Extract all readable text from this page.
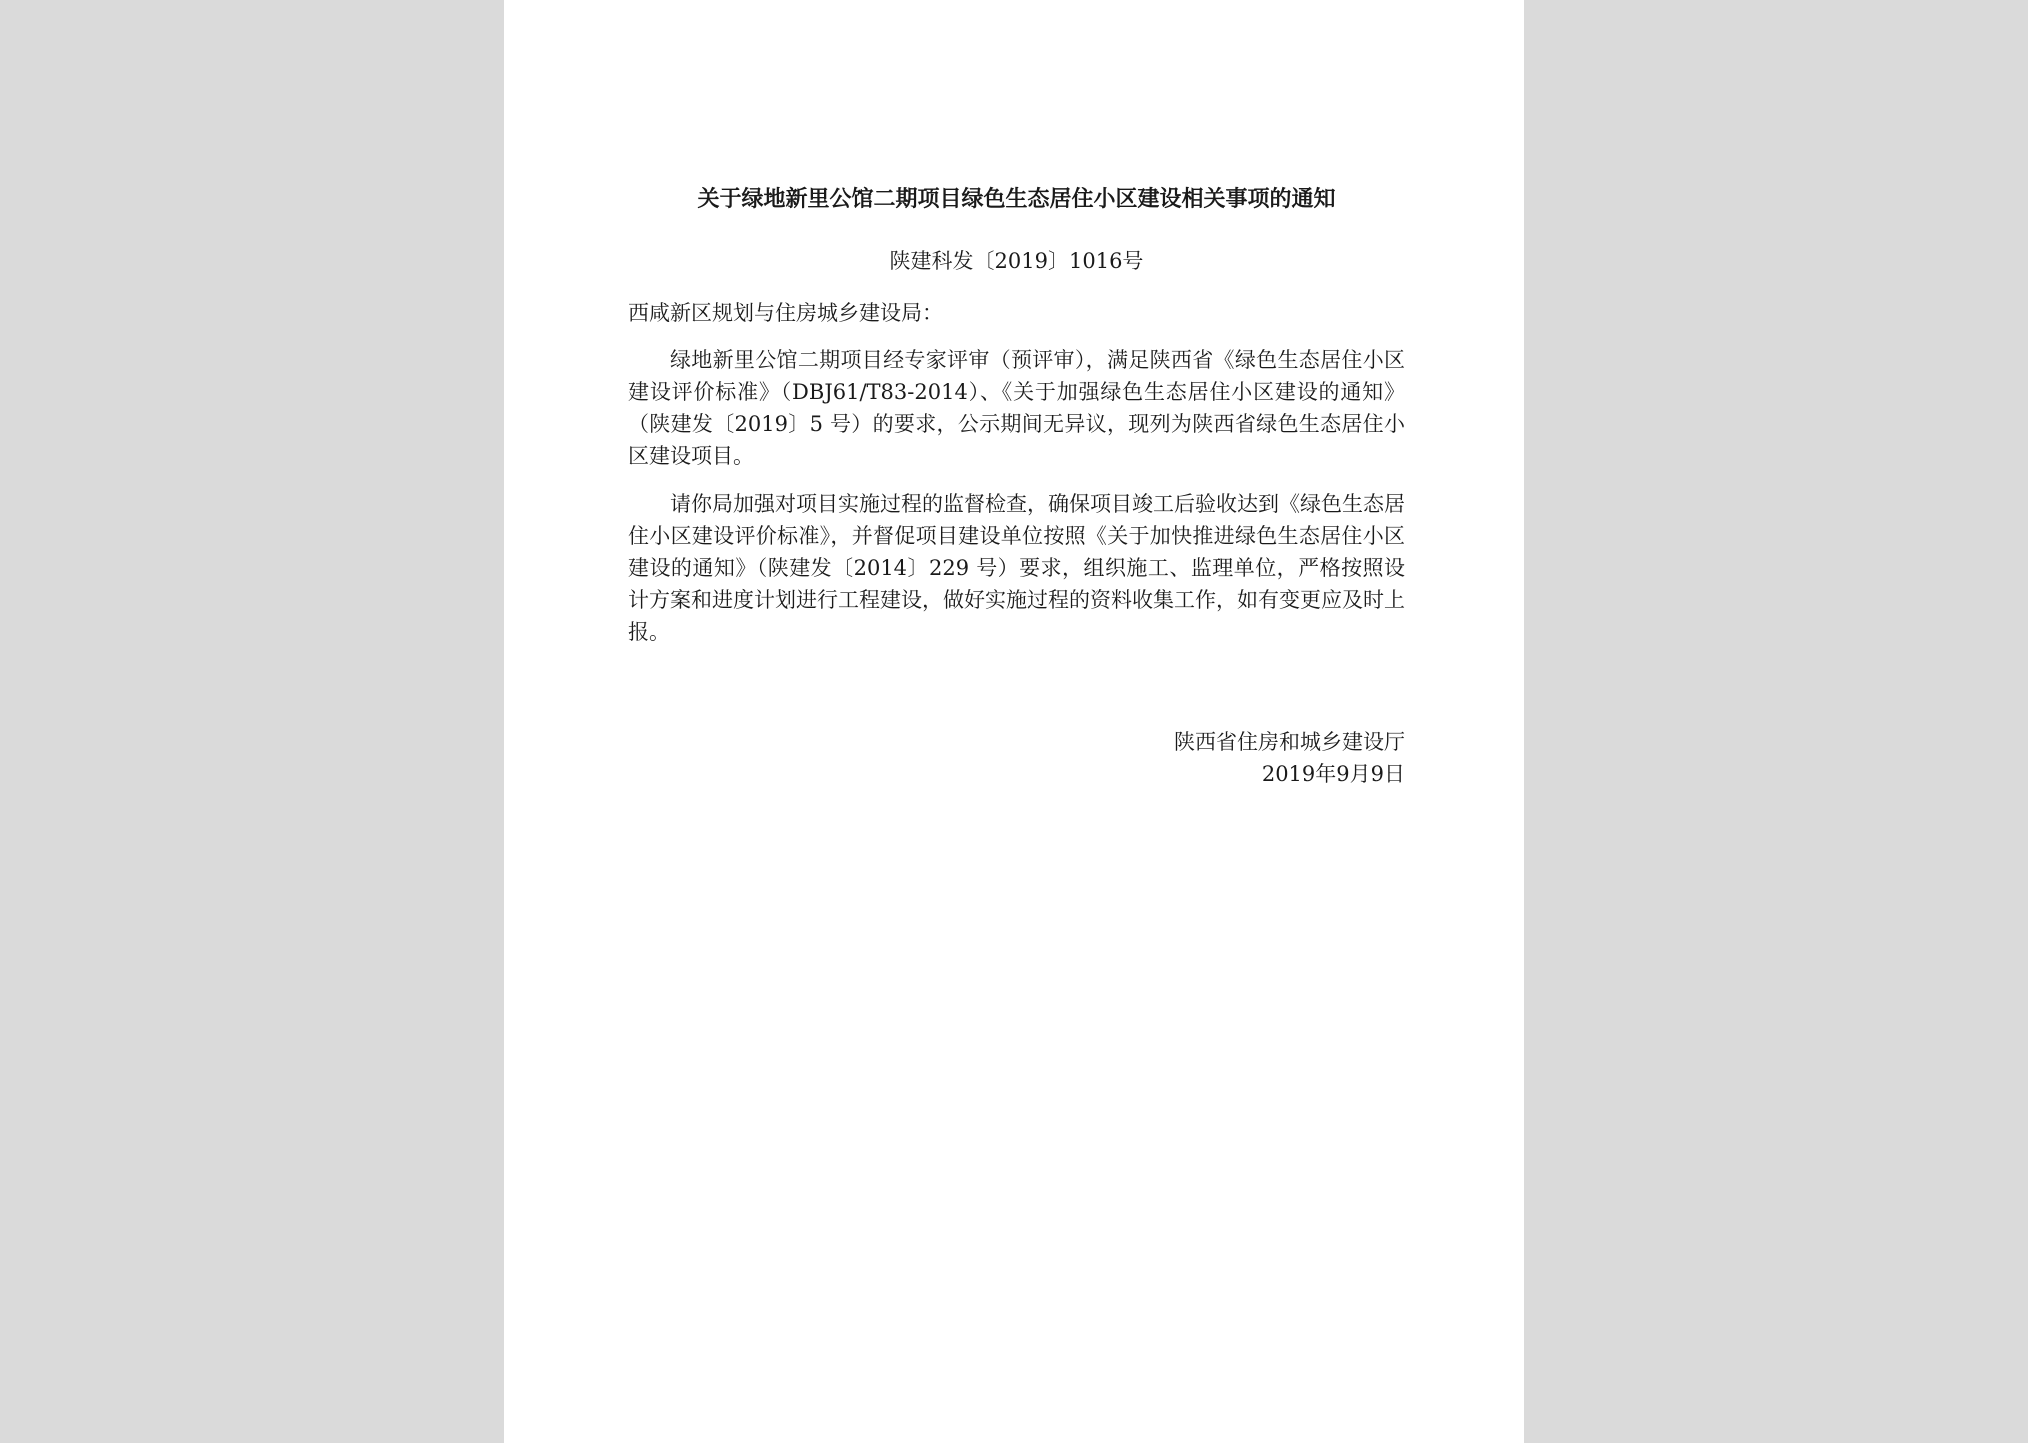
关于绿地新里公馆二期项目绿色生态居住小区建设相关事项的通知
陕建科发〔2019〕1016号
西咸新区规划与住房城乡建设局：

绿地新里公馆二期项目经专家评审（预评审），满足陕西省《绿色生态居住小区建设评价标准》（DBJ61/T83-2014）、《关于加强绿色生态居住小区建设的通知》（陕建发〔2019〕5 号）的要求，公示期间无异议，现列为陕西省绿色生态居住小区建设项目。

请你局加强对项目实施过程的监督检查，确保项目竣工后验收达到《绿色生态居住小区建设评价标准》，并督促项目建设单位按照《关于加快推进绿色生态居住小区建设的通知》（陕建发〔2014〕229 号）要求，组织施工、监理单位，严格按照设计方案和进度计划进行工程建设，做好实施过程的资料收集工作，如有变更应及时上报。

陕西省住房和城乡建设厅
2019年9月9日
